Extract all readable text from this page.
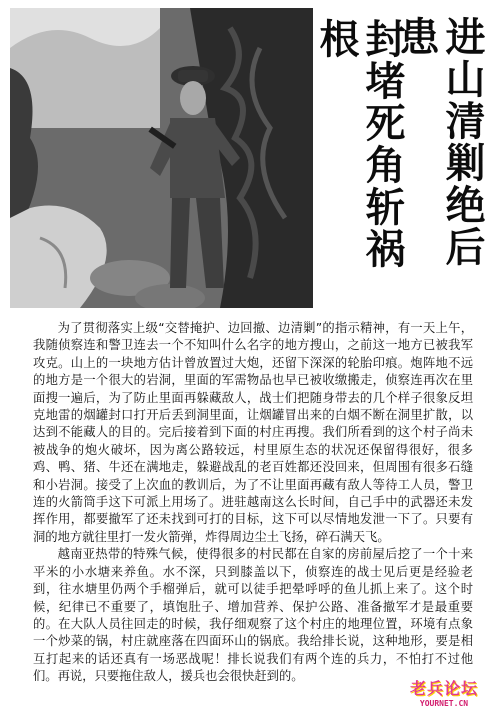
进山清剿绝后患
封堵死角斩祸根

为了贯彻落实上级“交替掩护、边回撤、边清剿”的指示精神，有一天上午，我随侦察连和警卫连去一个不知叫什么名字的地方搜山，之前这一地方已被我军攻克。山上的一块地方估计曾放置过大炮，还留下深深的轮胎印痕。炮阵地不远的地方是一个很大的岩洞，里面的军需物品也早已被收缴搬走，侦察连再次在里面搜一遍后，为了防止里面再躲藏敌人，战士们把随身带去的几个样子很象反坦克地雷的烟罐封口打开后丢到洞里面，让烟罐冒出来的白烟不断在洞里扩散，以达到不能藏人的目的。完后接着到下面的村庄再搜。我们所看到的这个村子尚未被战争的炮火破坏，因为离公路较远，村里原生态的状况还保留得很好，很多鸡、鸭、猪、牛还在满地走，躲避战乱的老百姓都还没回来，但周围有很多石缝和小岩洞。接受了上次血的教训后，为了不让里面再藏有敌人等待工人员，警卫连的火箭筒手这下可派上用场了。进驻越南这么长时间，自己手中的武器还未发挥作用，都要撤军了还未找到可打的目标，这下可以尽情地发泄一下了。只要有洞的地方就往里打一发火箭弹，炸得周边尘土飞扬，碎石满天飞。

越南亚热带的特殊气候，使得很多的村民都在自家的房前屋后挖了一个十来平米的小水塘来养鱼。水不深，只到膝盖以下，侦察连的战士见后更是经验老到，往水塘里仍两个手榴弹后，就可以徒手把晕呼呼的鱼儿抓上来了。这个时候，纪律已不重要了，填饱肚子、增加营养、保护公路、准备撤军才是最重要的。在大队人员往回走的时候，我仔细观察了这个村庄的地理位置，环境有点象一个炒菜的锅，村庄就座落在四面环山的锅底。我给排长说，这种地形，要是相互打起来的话还真有一场恶战呢！排长说我们有两个连的兵力，不怕打不过他们。再说，只要拖住敌人，援兵也会很快赶到的。

老兵论坛
YOURNET.CN
